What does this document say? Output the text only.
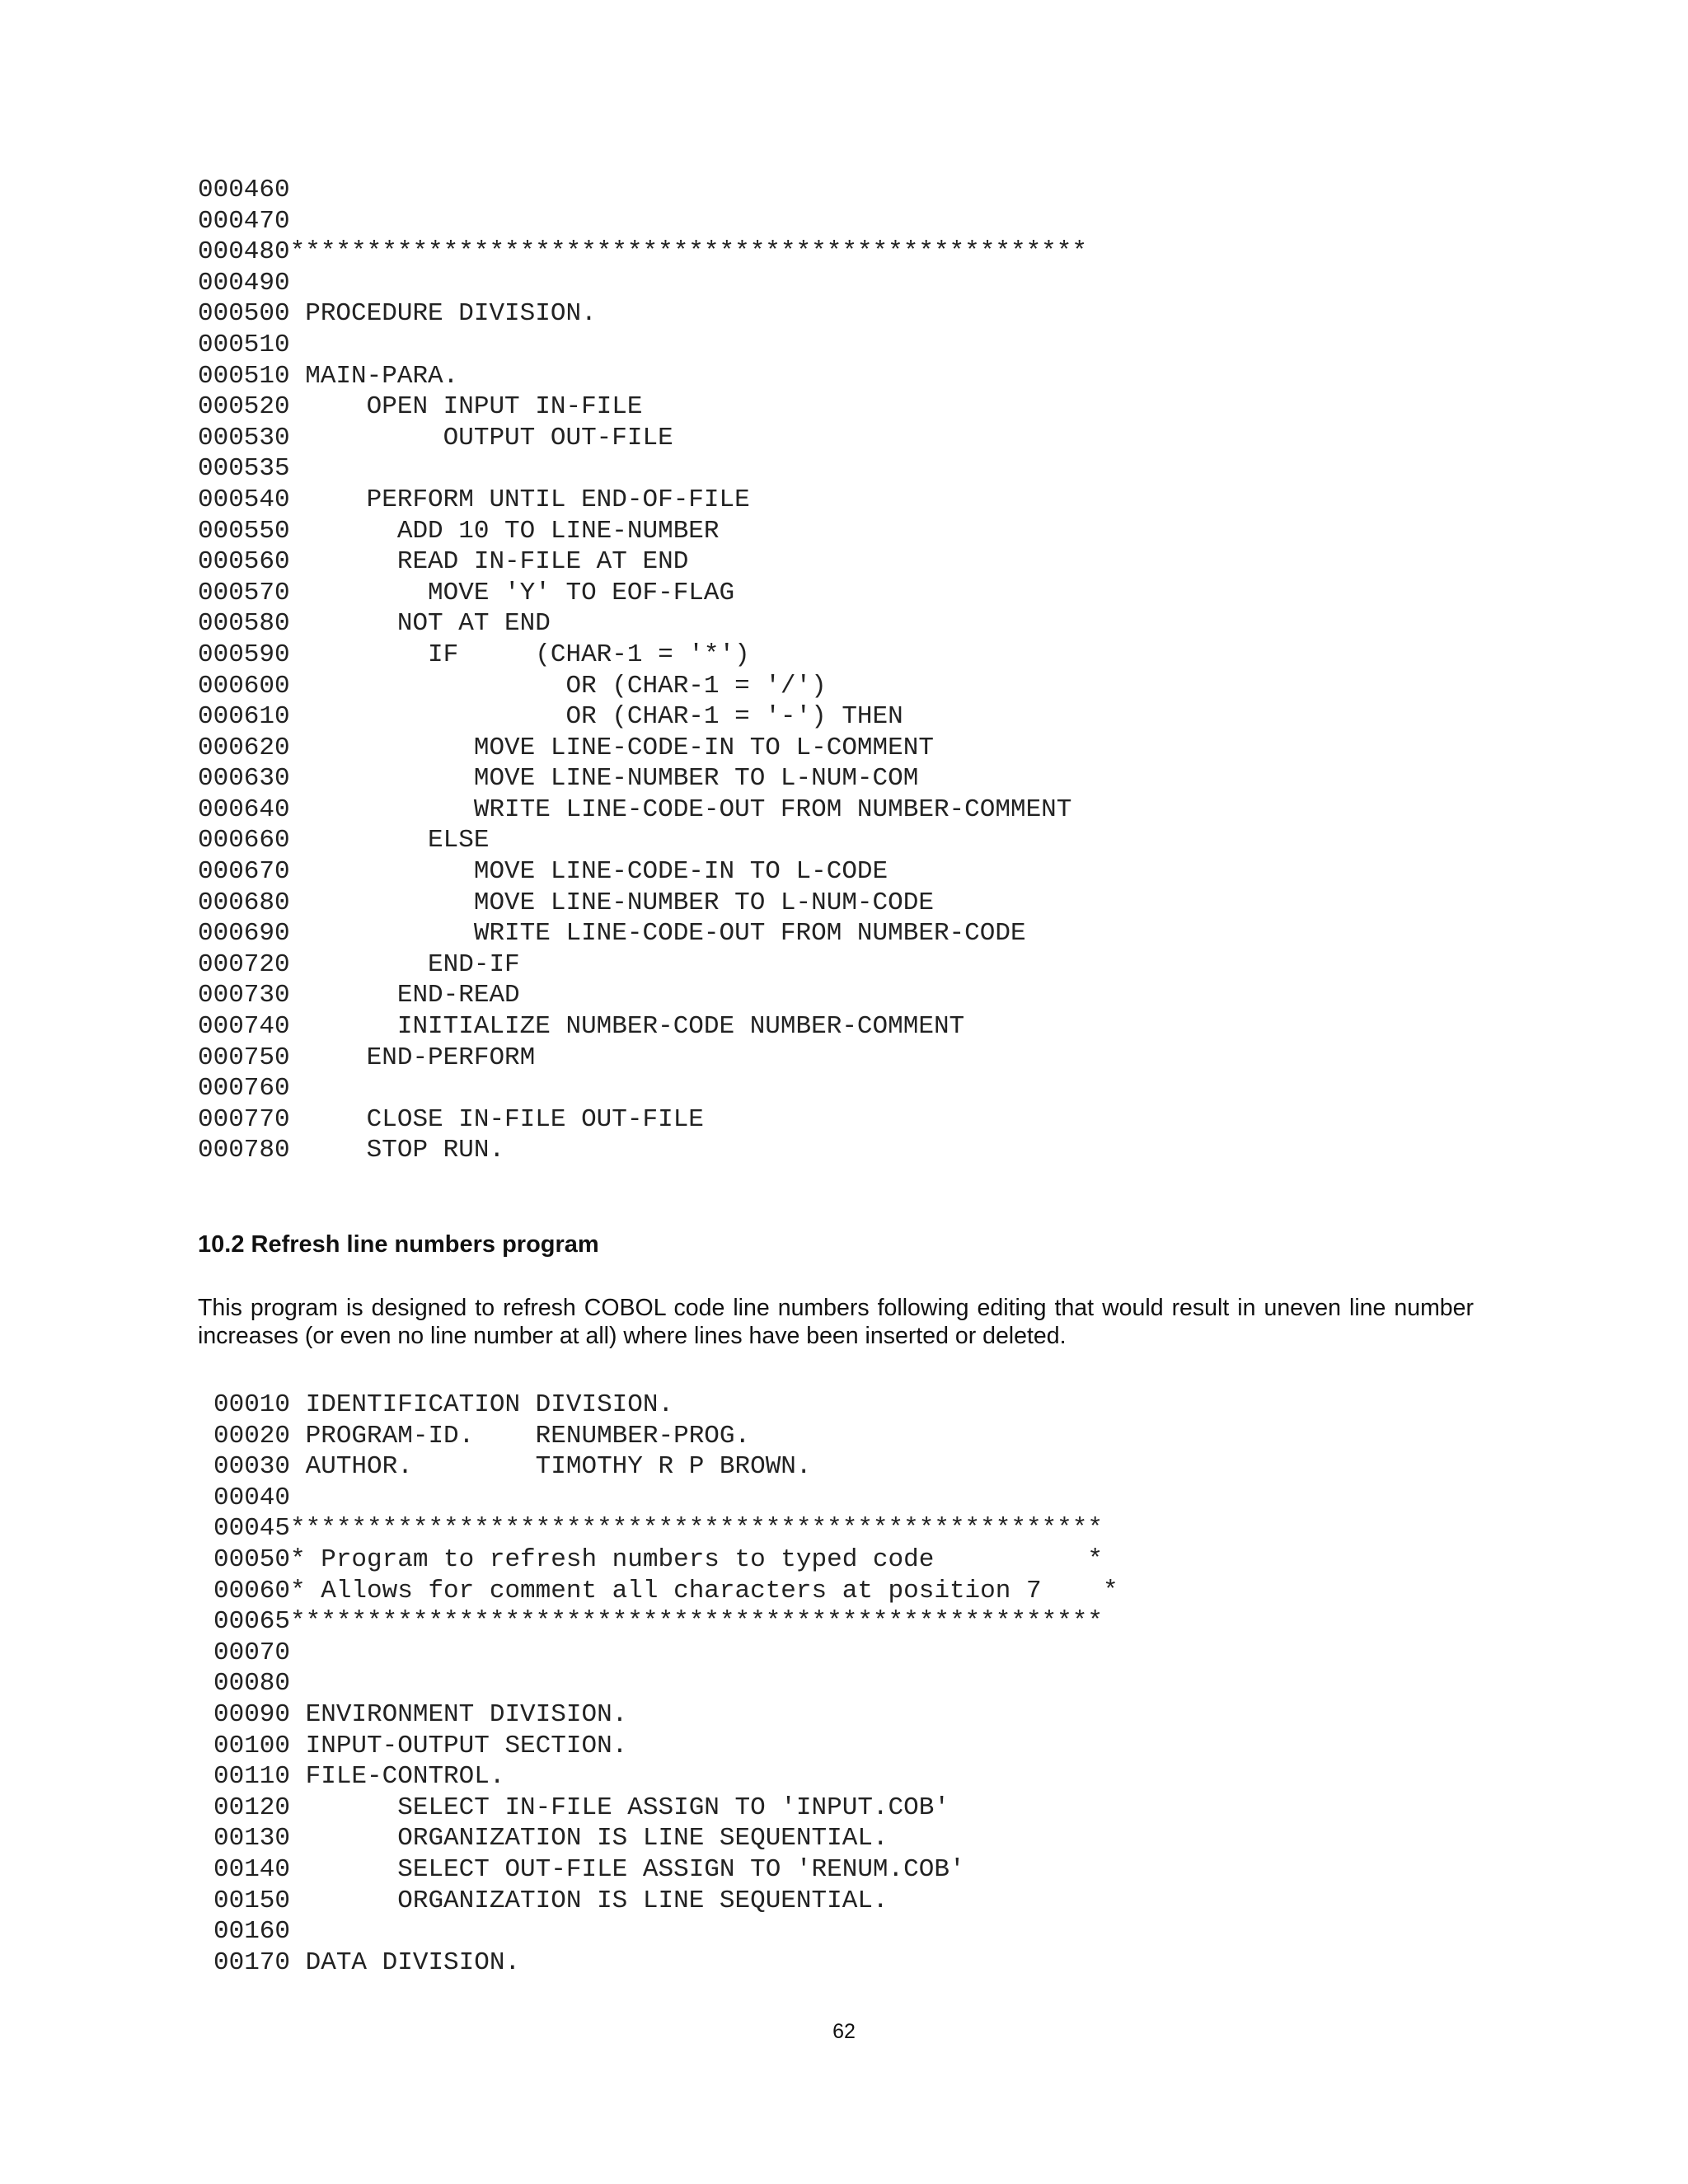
000460
000470
000480****************************************************
000490
000500 PROCEDURE DIVISION.
000510
000510 MAIN-PARA.
000520     OPEN INPUT IN-FILE
000530          OUTPUT OUT-FILE
000535
000540     PERFORM UNTIL END-OF-FILE
000550       ADD 10 TO LINE-NUMBER
000560       READ IN-FILE AT END
000570         MOVE 'Y' TO EOF-FLAG
000580       NOT AT END
000590         IF     (CHAR-1 = '*')
000600                  OR (CHAR-1 = '/')
000610                  OR (CHAR-1 = '-') THEN
000620            MOVE LINE-CODE-IN TO L-COMMENT
000630            MOVE LINE-NUMBER TO L-NUM-COM
000640            WRITE LINE-CODE-OUT FROM NUMBER-COMMENT
000660         ELSE
000670            MOVE LINE-CODE-IN TO L-CODE
000680            MOVE LINE-NUMBER TO L-NUM-CODE
000690            WRITE LINE-CODE-OUT FROM NUMBER-CODE
000720         END-IF
000730       END-READ
000740       INITIALIZE NUMBER-CODE NUMBER-COMMENT
000750     END-PERFORM
000760
000770     CLOSE IN-FILE OUT-FILE
000780     STOP RUN.
10.2 Refresh line numbers program

This program is designed to refresh COBOL code line numbers following editing that would result in uneven line number increases (or even no line number at all) where lines have been inserted or deleted.

00010 IDENTIFICATION DIVISION.
00020 PROGRAM-ID.    RENUMBER-PROG.
00030 AUTHOR.        TIMOTHY R P BROWN.
00040
00045*****************************************************
00050* Program to refresh numbers to typed code          *
00060* Allows for comment all characters at position 7    *
00065*****************************************************
00070
00080
00090 ENVIRONMENT DIVISION.
00100 INPUT-OUTPUT SECTION.
00110 FILE-CONTROL.
00120       SELECT IN-FILE ASSIGN TO 'INPUT.COB'
00130       ORGANIZATION IS LINE SEQUENTIAL.
00140       SELECT OUT-FILE ASSIGN TO 'RENUM.COB'
00150       ORGANIZATION IS LINE SEQUENTIAL.
00160
00170 DATA DIVISION.
62
